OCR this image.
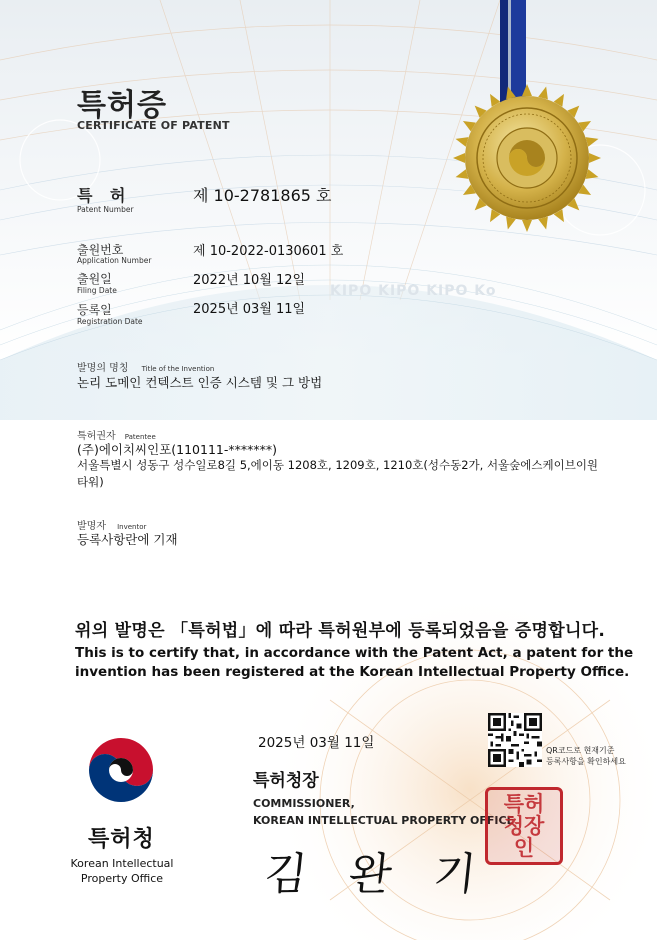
KIPO KIPO KIPO Ko
특허증
CERTIFICATE OF PATENT
특 허
Patent Number
제 10-2781865 호
출원번호
Application Number
제 10-2022-0130601 호
출원일
Filing Date
2022년 10월 12일
등록일
Registration Date
2025년 03월 11일
발명의 명칭 Title of the Invention
논리 도메인 컨텍스트 인증 시스템 및 그 방법
특허권자 Patentee
(주)에이치씨인포(110111-*******)
서울특별시 성동구 성수일로8길 5,에이동 1208호, 1209호, 1210호(성수동2가, 서울숲에스케이브이원
타워)
발명자 Inventor
등록사항란에 기재
위의 발명은 「특허법」에 따라 특허원부에 등록되었음을 증명합니다.
This is to certify that, in accordance with the Patent Act, a patent for the
invention has been registered at the Korean Intellectual Property Office.
특허청
Korean Intellectual
Property Office
2025년 03월 11일
특허청장
COMMISSIONER,
KOREAN INTELLECTUAL PROPERTY OFFICE
QR코드로 현재기준
등록사항을 확인하세요
특허청장인
김 완 기
